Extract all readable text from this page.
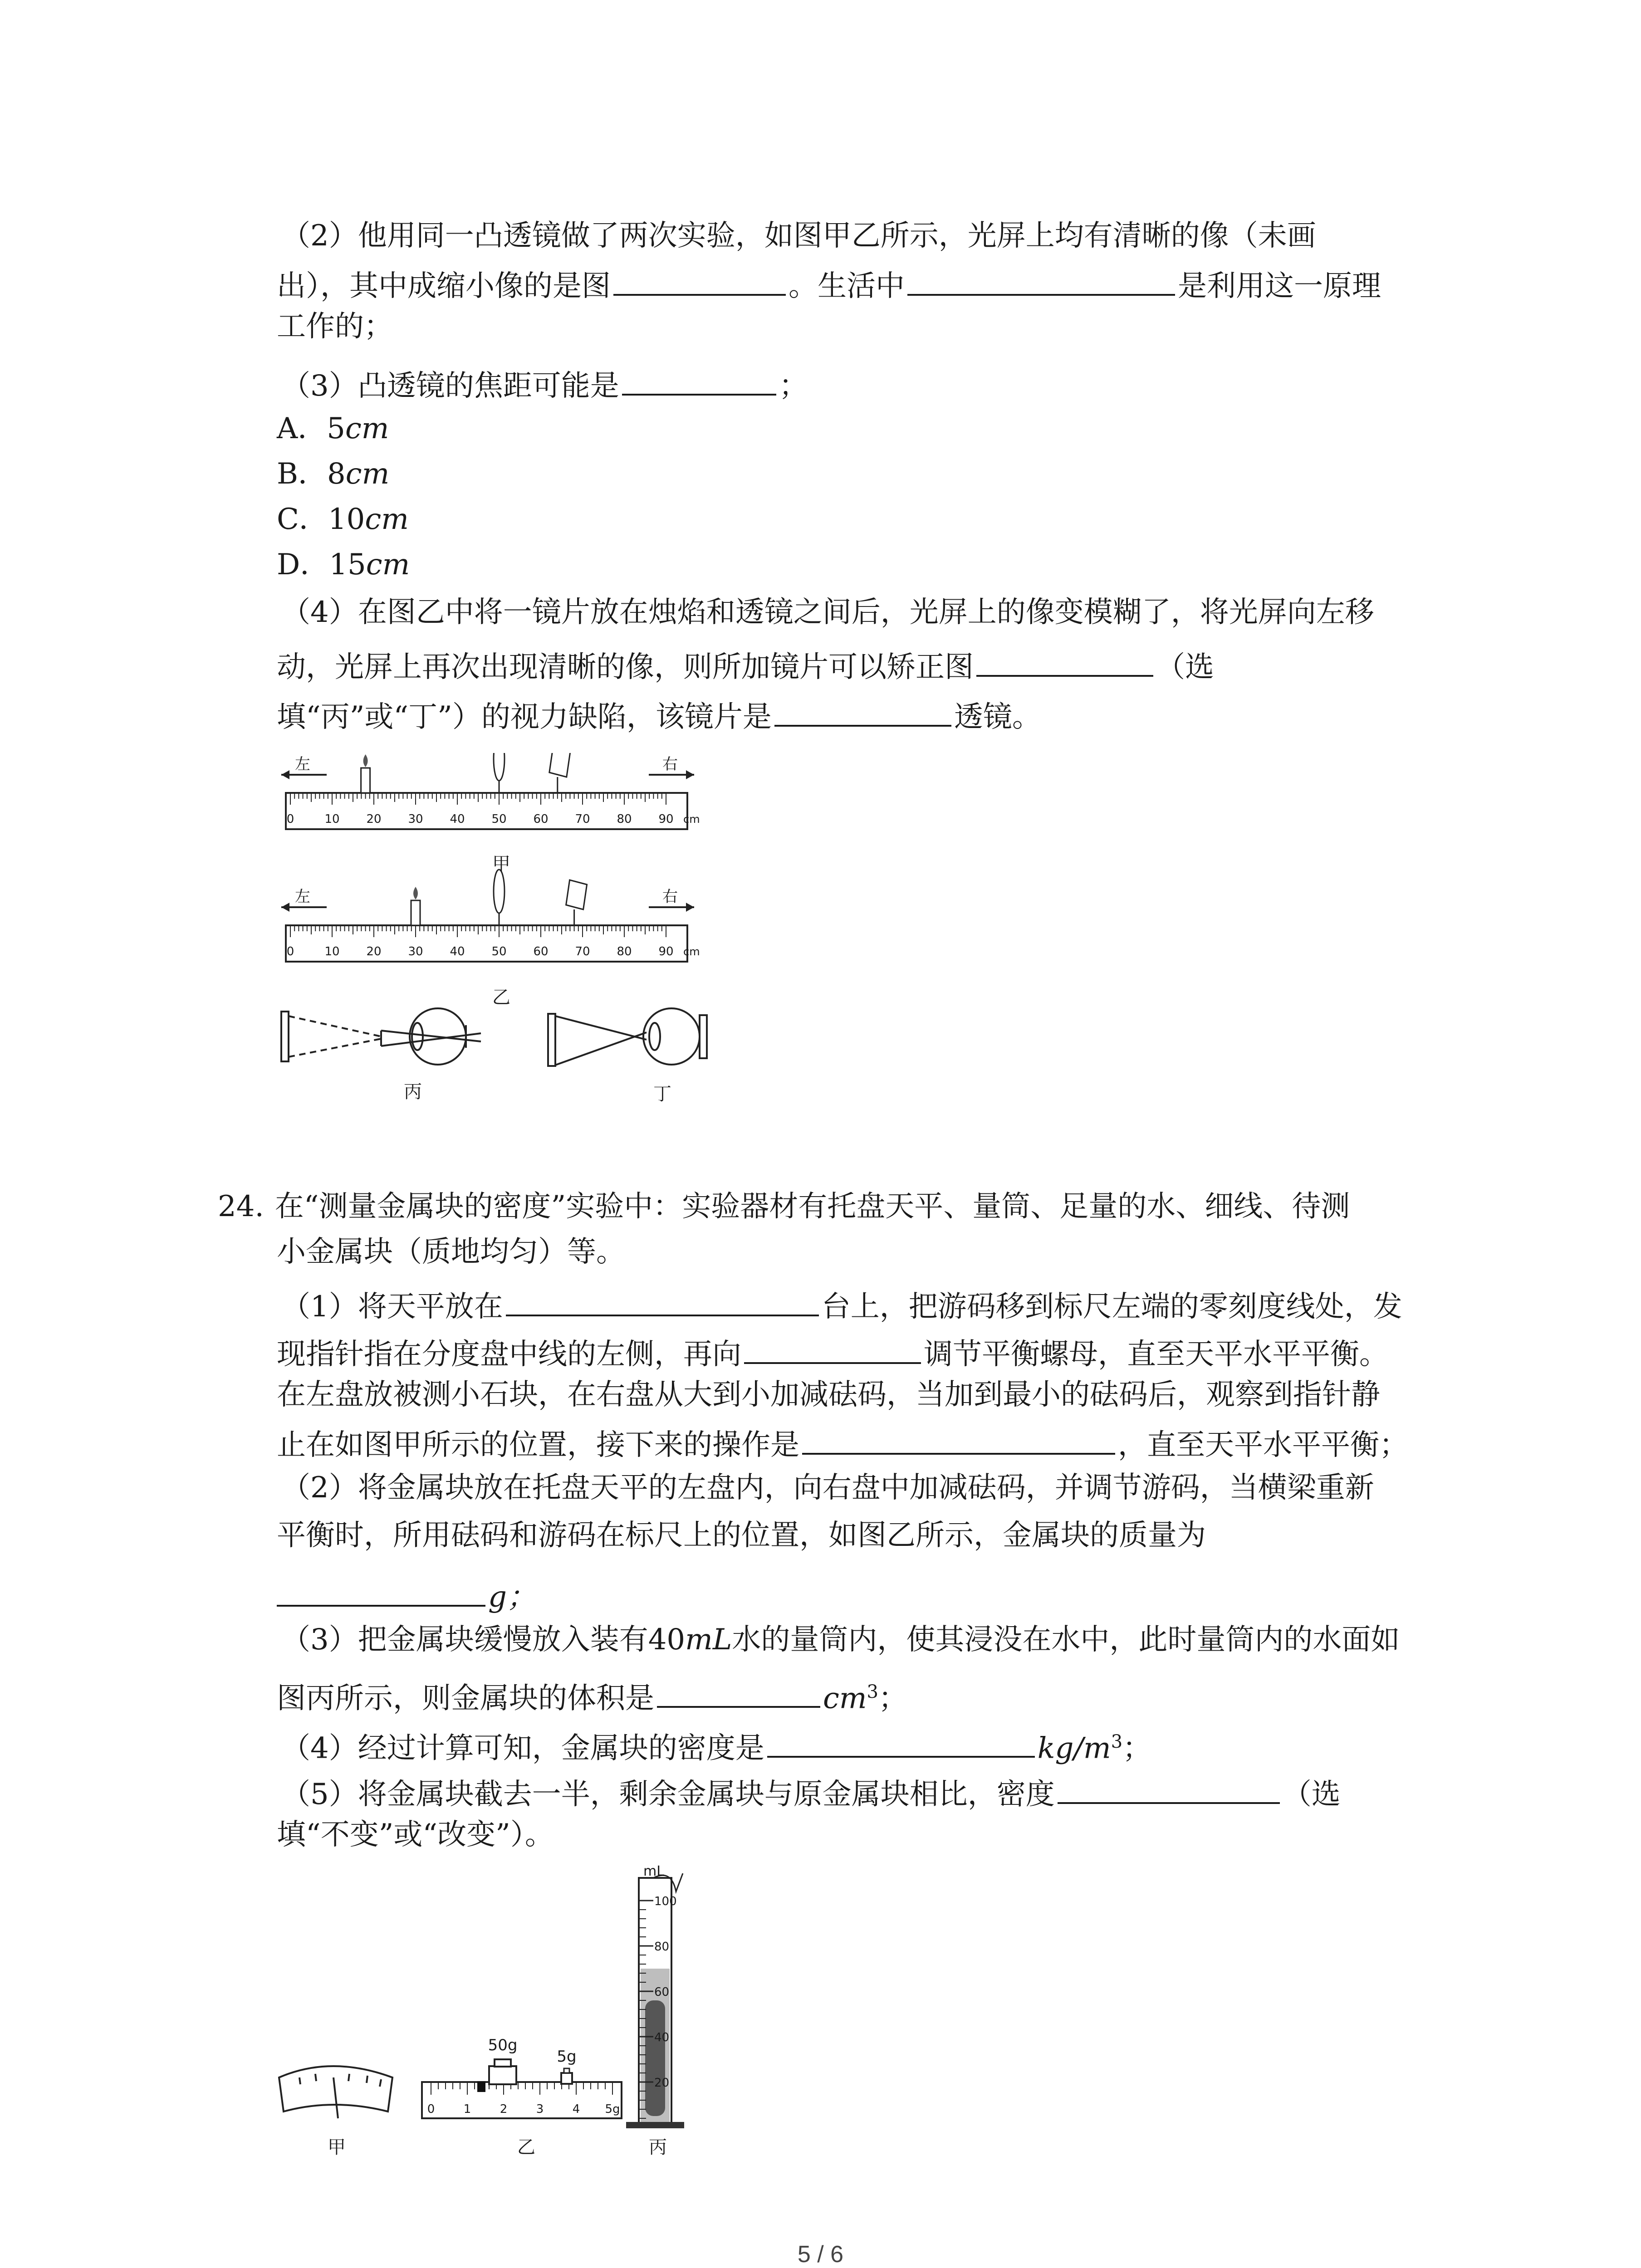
（2）他用同一凸透镜做了两次实验，如图甲乙所示，光屏上均有清晰的像（未画
出），其中成缩小像的是图	。生活中	是利用这一原理
工作的；
（3）凸透镜的焦距可能是	；
A．5cm
B．8cm
C．10cm
D．15cm
（4）在图乙中将一镜片放在烛焰和透镜之间后，光屏上的像变模糊了，将光屏向左移
动，光屏上再次出现清晰的像，则所加镜片可以矫正图	（选
填“丙”或“丁”）的视力缺陷，该镜片是	透镜。
左	右
0	10 20 30 40 50 60 70 80 90 cm
左	右
0	10 20 30 40 50 60 70 80 90 cm
甲
乙
丙	丁
24. 在“测量金属块的密度”实验中：实验器材有托盘天平、量筒、足量的水、细线、待测
小金属块（质地均匀）等。
（1）将天平放在	台上，把游码移到标尺左端的零刻度线处，发
现指针指在分度盘中线的左侧，再向	调节平衡螺母，直至天平水平平衡。
在左盘放被测小石块，在右盘从大到小加减砝码，当加到最小的砝码后，观察到指针静
止在如图甲所示的位置，接下来的操作是	，直至天平水平平衡；
（2）将金属块放在托盘天平的左盘内，向右盘中加减砝码，并调节游码，当横梁重新
平衡时，所用砝码和游码在标尺上的位置，如图乙所示，金属块的质量为
g；
（3）把金属块缓慢放入装有40mL水的量筒内，使其浸没在水中，此时量筒内的水面如
图丙所示，则金属块的体积是	$cm^3$；
（4）经过计算可知，金属块的密度是	$kg/m^3$；
（5）将金属块截去一半，剩余金属块与原金属块相比，密度	（选
填“不变”或“改变”）。
甲
0 1 2 3 4 5g
50g
5g
乙
100
80
60
40
20
mL
丙
5 / 6
